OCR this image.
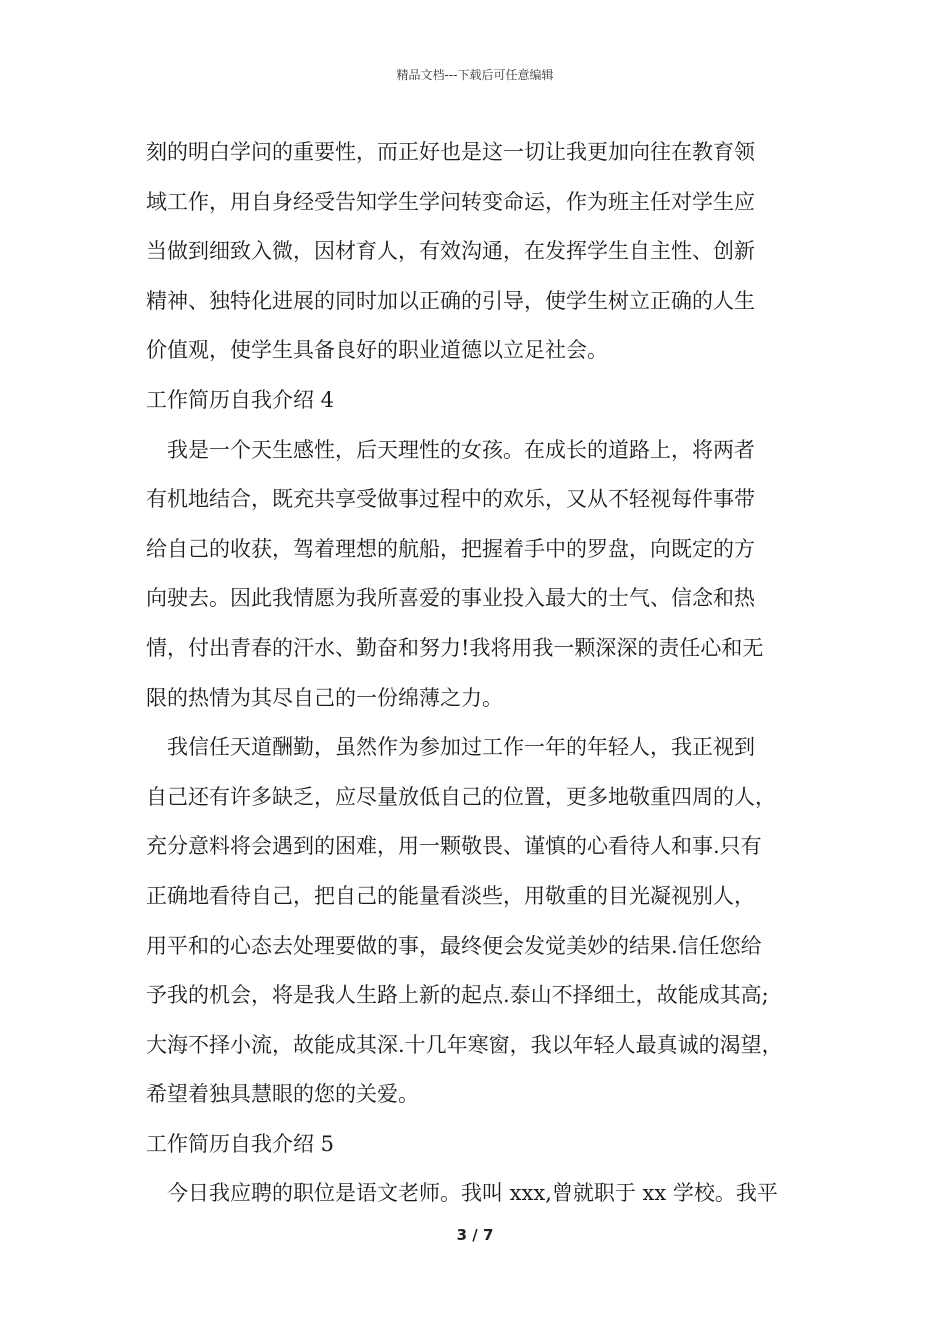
精品文档---下载后可任意编辑
刻的明白学问的重要性，而正好也是这一切让我更加向往在教育领
域工作，用自身经受告知学生学问转变命运，作为班主任对学生应
当做到细致入微，因材育人，有效沟通，在发挥学生自主性、创新
精神、独特化进展的同时加以正确的引导，使学生树立正确的人生
价值观，使学生具备良好的职业道德以立足社会。
工作简历自我介绍 4
我是一个天生感性，后天理性的女孩。在成长的道路上，将两者
有机地结合，既充共享受做事过程中的欢乐，又从不轻视每件事带
给自己的收获，驾着理想的航船，把握着手中的罗盘，向既定的方
向驶去。因此我情愿为我所喜爱的事业投入最大的士气、信念和热
情，付出青春的汗水、勤奋和努力!我将用我一颗深深的责任心和无
限的热情为其尽自己的一份绵薄之力。
我信任天道酬勤，虽然作为参加过工作一年的年轻人，我正视到
自己还有许多缺乏，应尽量放低自己的位置，更多地敬重四周的人，
充分意料将会遇到的困难，用一颗敬畏、谨慎的心看待人和事.只有
正确地看待自己，把自己的能量看淡些，用敬重的目光凝视别人，
用平和的心态去处理要做的事，最终便会发觉美妙的结果.信任您给
予我的机会，将是我人生路上新的起点.泰山不择细土，故能成其高;
大海不择小流，故能成其深.十几年寒窗，我以年轻人最真诚的渴望，
希望着独具慧眼的您的关爱。
工作简历自我介绍 5
今日我应聘的职位是语文老师。我叫 xxx,曾就职于 xx 学校。我平
3 / 7
